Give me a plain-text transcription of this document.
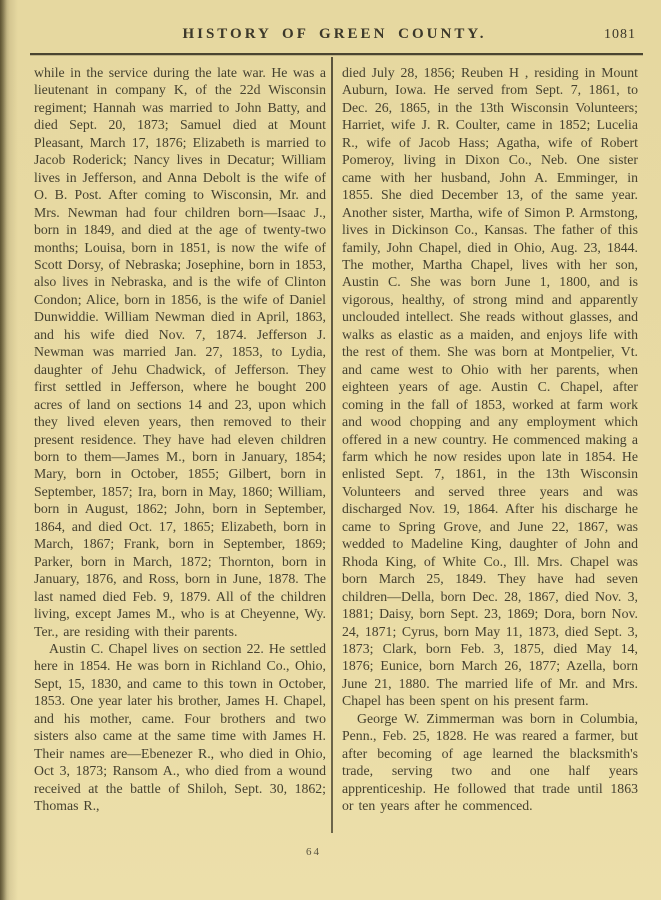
HISTORY OF GREEN COUNTY.	1081

while in the service during the late war. He was a lieutenant in company K, of the 22d Wisconsin regiment; Hannah was married to John Batty, and died Sept. 20, 1873; Samuel died at Mount Pleasant, March 17, 1876; Elizabeth is married to Jacob Roderick; Nancy lives in Decatur; William lives in Jefferson, and Anna Debolt is the wife of O. B. Post. After coming to Wisconsin, Mr. and Mrs. Newman had four children born—Isaac J., born in 1849, and died at the age of twenty-two months; Louisa, born in 1851, is now the wife of Scott Dorsy, of Nebraska; Josephine, born in 1853, also lives in Nebraska, and is the wife of Clinton Condon; Alice, born in 1856, is the wife of Daniel Dunwiddie. William Newman died in April, 1863, and his wife died Nov. 7, 1874. Jefferson J. Newman was married Jan. 27, 1853, to Lydia, daughter of Jehu Chadwick, of Jefferson. They first settled in Jefferson, where he bought 200 acres of land on sections 14 and 23, upon which they lived eleven years, then removed to their present residence. They have had eleven children born to them—James M., born in January, 1854; Mary, born in October, 1855; Gilbert, born in September, 1857; Ira, born in May, 1860; William, born in August, 1862; John, born in September, 1864, and died Oct. 17, 1865; Elizabeth, born in March, 1867; Frank, born in September, 1869; Parker, born in March, 1872; Thornton, born in January, 1876, and Ross, born in June, 1878. The last named died Feb. 9, 1879. All of the children living, except James M., who is at Cheyenne, Wy. Ter., are residing with their parents.

Austin C. Chapel lives on section 22. He settled here in 1854. He was born in Richland Co., Ohio, Sept, 15, 1830, and came to this town in October, 1853. One year later his brother, James H. Chapel, and his mother, came. Four brothers and two sisters also came at the same time with James H. Their names are—Ebenezer R., who died in Ohio, Oct 3, 1873; Ransom A., who died from a wound received at the battle of Shiloh, Sept. 30, 1862; Thomas R.,

died July 28, 1856; Reuben H , residing in Mount Auburn, Iowa. He served from Sept. 7, 1861, to Dec. 26, 1865, in the 13th Wisconsin Volunteers; Harriet, wife J. R. Coulter, came in 1852; Lucelia R., wife of Jacob Hass; Agatha, wife of Robert Pomeroy, living in Dixon Co., Neb. One sister came with her husband, John A. Emminger, in 1855. She died December 13, of the same year. Another sister, Martha, wife of Simon P. Armstong, lives in Dickinson Co., Kansas. The father of this family, John Chapel, died in Ohio, Aug. 23, 1844. The mother, Martha Chapel, lives with her son, Austin C. She was born June 1, 1800, and is vigorous, healthy, of strong mind and apparently unclouded intellect. She reads without glasses, and walks as elastic as a maiden, and enjoys life with the rest of them. She was born at Montpelier, Vt. and came west to Ohio with her parents, when eighteen years of age. Austin C. Chapel, after coming in the fall of 1853, worked at farm work and wood chopping and any employment which offered in a new country. He commenced making a farm which he now resides upon late in 1854. He enlisted Sept. 7, 1861, in the 13th Wisconsin Volunteers and served three years and was discharged Nov. 19, 1864. After his discharge he came to Spring Grove, and June 22, 1867, was wedded to Madeline King, daughter of John and Rhoda King, of White Co., Ill. Mrs. Chapel was born March 25, 1849. They have had seven children—Della, born Dec. 28, 1867, died Nov. 3, 1881; Daisy, born Sept. 23, 1869; Dora, born Nov. 24, 1871; Cyrus, born May 11, 1873, died Sept. 3, 1873; Clark, born Feb. 3, 1875, died May 14, 1876; Eunice, born March 26, 1877; Azella, born June 21, 1880. The married life of Mr. and Mrs. Chapel has been spent on his present farm.

George W. Zimmerman was born in Columbia, Penn., Feb. 25, 1828. He was reared a farmer, but after becoming of age learned the blacksmith's trade, serving two and one half years apprenticeship. He followed that trade until 1863 or ten years after he commenced.

64
